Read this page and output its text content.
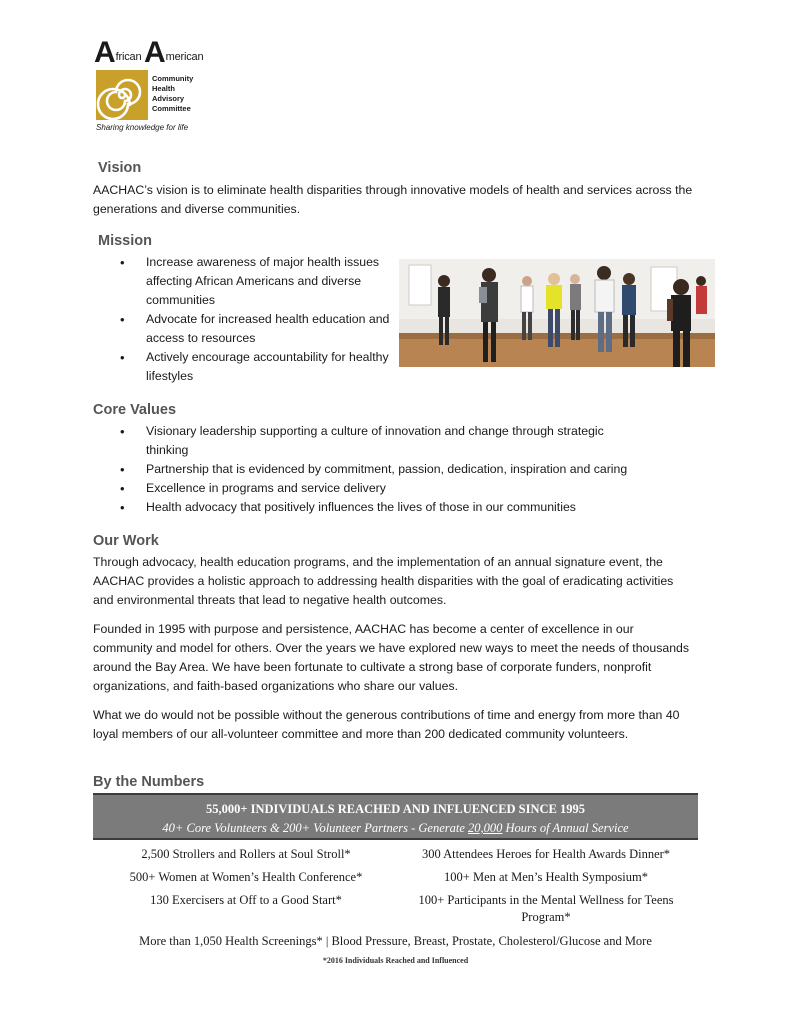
African American
Community
Health
Advisory
Committee
Sharing knowledge for life
Vision

AACHAC’s vision is to eliminate health disparities through innovative models of health and services across the generations and diverse communities.

Mission
• Increase awareness of major health issues affecting African Americans and diverse communities
• Advocate for increased health education and access to resources
• Actively encourage accountability for healthy lifestyles
Core Values
• Visionary leadership supporting a culture of innovation and change through strategic thinking
• Partnership that is evidenced by commitment, passion, dedication, inspiration and caring
• Excellence in programs and service delivery
• Health advocacy that positively influences the lives of those in our communities
Our Work

Through advocacy, health education programs, and the implementation of an annual signature event, the AACHAC provides a holistic approach to addressing health disparities with the goal of eradicating activities and environmental threats that lead to negative health outcomes.

Founded in 1995 with purpose and persistence, AACHAC has become a center of excellence in our community and model for others. Over the years we have explored new ways to meet the needs of thousands around the Bay Area. We have been fortunate to cultivate a strong base of corporate funders, nonprofit organizations, and faith-based organizations who share our values.

What we do would not be possible without the generous contributions of time and energy from more than 40 loyal members of our all-volunteer committee and more than 200 dedicated community volunteers.

By the Numbers
55,000+ INDIVIDUALS REACHED AND INFLUENCED SINCE 1995
40+ Core Volunteers & 200+ Volunteer Partners - Generate 20,000 Hours of Annual Service
2,500 Strollers and Rollers at Soul Stroll*	300 Attendees Heroes for Health Awards Dinner*
500+ Women at Women’s Health Conference*	100+ Men at Men’s Health Symposium*
130 Exercisers at Off to a Good Start*	100+ Participants in the Mental Wellness for Teens Program*
More than 1,050 Health Screenings* | Blood Pressure, Breast, Prostate, Cholesterol/Glucose and More
*2016 Individuals Reached and Influenced
